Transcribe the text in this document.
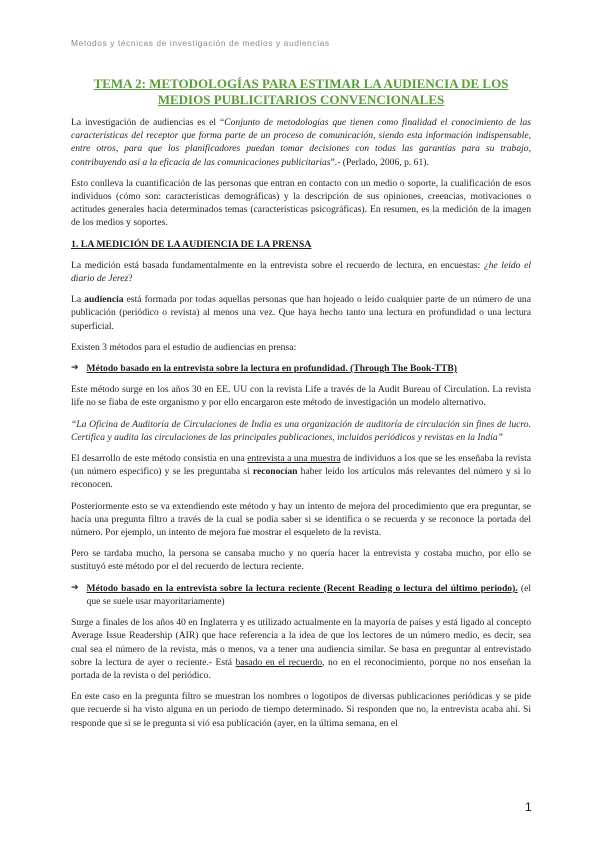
Metodos y técnicas de investigación de medios y audiencias
TEMA 2: METODOLOGÍAS PARA ESTIMAR LA AUDIENCIA DE LOS MEDIOS PUBLICITARIOS CONVENCIONALES

La investigación de audiencias es el “Conjunto de metodologías que tienen como finalidad el conocimiento de las características del receptor que forma parte de un proceso de comunicación, siendo esta información indispensable, entre otros, para que los planificadores puedan tomar decisiones con todas las garantías para su trabajo, contribuyendo así a la eficacia de las comunicaciones publicitarias”.- (Perlado, 2006, p. 61).

Esto conlleva la cuantificación de las personas que entran en contacto con un medio o soporte, la cualificación de esos individuos (cómo son: características demográficas) y la descripción de sus opiniones, creencias, motivaciones o actitudes generales hacia determinados temas (características psicográficas). En resumen, es la medición de la imagen de los medios y soportes.

1. LA MEDICIÓN DE LA AUDIENCIA DE LA PRENSA

La medición está basada fundamentalmente en la entrevista sobre el recuerdo de lectura, en encuestas: ¿he leído el diario de Jerez?

La audiencia está formada por todas aquellas personas que han hojeado o leído cualquier parte de un número de una publicación (periódico o revista) al menos una vez. Que haya hecho tanto una lectura en profundidad o una lectura superficial.

Existen 3 métodos para el estudio de audiencias en prensa:

➔ Método basado en la entrevista sobre la lectura en profundidad. (Through The Book-TTB)

Este método surge en los años 30 en EE. UU con la revista Life a través de la Audit Bureau of Circulation. La revista life no se fiaba de este organismo y por ello encargaron este método de investigación un modelo alternativo.

“La Oficina de Auditoría de Circulaciones de India es una organización de auditoría de circulación sin fines de lucro. Certifica y audita las circulaciones de las principales publicaciones, incluidos periódicos y revistas en la India”

El desarrollo de este método consistía en una entrevista a una muestra de individuos a los que se les enseñaba la revista (un número especifico) y se les preguntaba si reconocían haber leído los artículos más relevantes del número y si lo reconocen.

Posteriormente esto se va extendiendo este método y hay un intento de mejora del procedimiento que era preguntar, se hacía una pregunta filtro a través de la cual se podía saber si se identifica o se recuerda y se reconoce la portada del número. Por ejemplo, un intento de mejora fue mostrar el esqueleto de la revista.

Pero se tardaba mucho, la persona se cansaba mucho y no quería hacer la entrevista y costaba mucho, por ello se sustituyó este método por el del recuerdo de lectura reciente.

➔ Método basado en la entrevista sobre la lectura reciente (Recent Reading o lectura del último periodo). (el que se suele usar mayoritariamente)

Surge a finales de los años 40 en Inglaterra y es utilizado actualmente en la mayoría de países y está ligado al concepto Average Issue Readership (AIR) que hace referencia a la idea de que los lectores de un número medio, es decir, sea cual sea el número de la revista, más o menos, va a tener una audiencia similar. Se basa en preguntar al entrevistado sobre la lectura de ayer o reciente.- Está basado en el recuerdo, no en el reconocimiento, porque no nos enseñan la portada de la revista o del periódico.

En este caso en la pregunta filtro se muestran los nombres o logotipos de diversas publicaciones periódicas y se pide que recuerde si ha visto alguna en un periodo de tiempo determinado. Si responden que no, la entrevista acaba ahí. Si responde que si se le pregunta si vió esa publicación (ayer, en la última semana, en el

1
